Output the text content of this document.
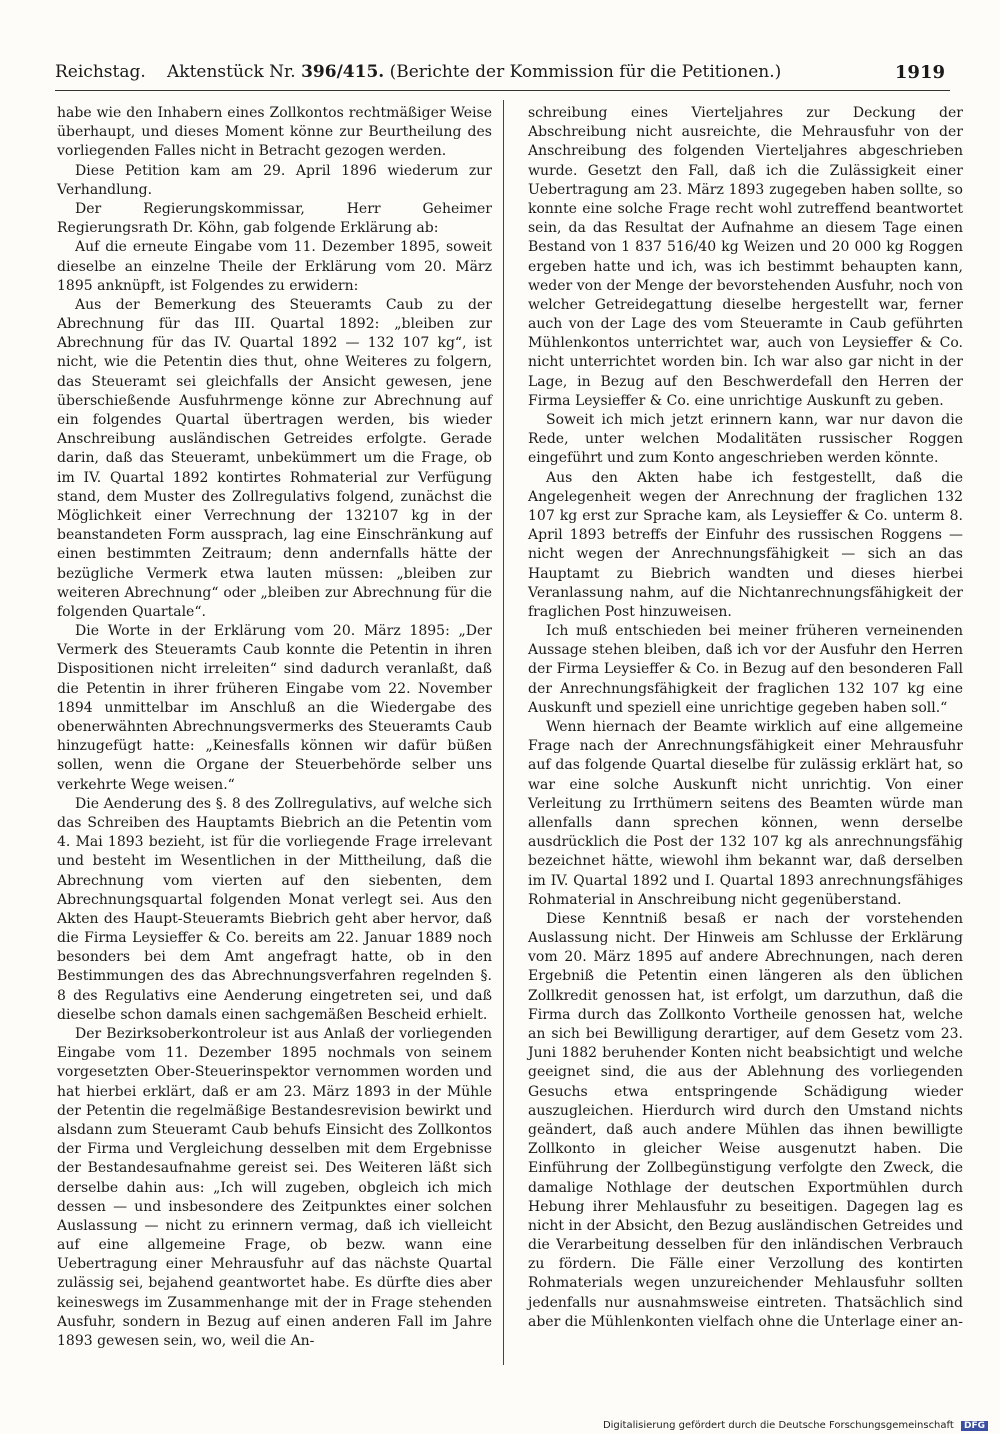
Reichstag. Aktenstück Nr. 396/415. (Berichte der Kommission für die Petitionen.)	1919

habe wie den Inhabern eines Zollkontos rechtmäßiger Weise überhaupt, und dieses Moment könne zur Beurtheilung des vorliegenden Falles nicht in Betracht gezogen werden.

Diese Petition kam am 29. April 1896 wiederum zur Verhandlung.

Der Regierungskommissar, Herr Geheimer Regierungsrath Dr. Köhn, gab folgende Erklärung ab:

Auf die erneute Eingabe vom 11. Dezember 1895, soweit dieselbe an einzelne Theile der Erklärung vom 20. März 1895 anknüpft, ist Folgendes zu erwidern:

Aus der Bemerkung des Steueramts Caub zu der Abrechnung für das III. Quartal 1892: „bleiben zur Abrechnung für das IV. Quartal 1892 — 132 107 kg“, ist nicht, wie die Petentin dies thut, ohne Weiteres zu folgern, das Steueramt sei gleichfalls der Ansicht gewesen, jene überschießende Ausfuhrmenge könne zur Abrechnung auf ein folgendes Quartal übertragen werden, bis wieder Anschreibung ausländischen Getreides erfolgte. Gerade darin, daß das Steueramt, unbekümmert um die Frage, ob im IV. Quartal 1892 kontirtes Rohmaterial zur Verfügung stand, dem Muster des Zollregulativs folgend, zunächst die Möglichkeit einer Verrechnung der 132107 kg in der beanstandeten Form aussprach, lag eine Einschränkung auf einen bestimmten Zeitraum; denn andernfalls hätte der bezügliche Vermerk etwa lauten müssen: „bleiben zur weiteren Abrechnung“ oder „bleiben zur Abrechnung für die folgenden Quartale“.

Die Worte in der Erklärung vom 20. März 1895: „Der Vermerk des Steueramts Caub konnte die Petentin in ihren Dispositionen nicht irreleiten“ sind dadurch veranlaßt, daß die Petentin in ihrer früheren Eingabe vom 22. November 1894 unmittelbar im Anschluß an die Wiedergabe des obenerwähnten Abrechnungsvermerks des Steueramts Caub hinzugefügt hatte: „Keinesfalls können wir dafür büßen sollen, wenn die Organe der Steuerbehörde selber uns verkehrte Wege weisen.“

Die Aenderung des §. 8 des Zollregulativs, auf welche sich das Schreiben des Hauptamts Biebrich an die Petentin vom 4. Mai 1893 bezieht, ist für die vorliegende Frage irrelevant und besteht im Wesentlichen in der Mittheilung, daß die Abrechnung vom vierten auf den siebenten, dem Abrechnungsquartal folgenden Monat verlegt sei. Aus den Akten des Haupt-Steueramts Biebrich geht aber hervor, daß die Firma Leysieffer & Co. bereits am 22. Januar 1889 noch besonders bei dem Amt angefragt hatte, ob in den Bestimmungen des das Abrechnungsverfahren regelnden §. 8 des Regulativs eine Aenderung eingetreten sei, und daß dieselbe schon damals einen sachgemäßen Bescheid erhielt.

Der Bezirksoberkontroleur ist aus Anlaß der vorliegenden Eingabe vom 11. Dezember 1895 nochmals von seinem vorgesetzten Ober-Steuerinspektor vernommen worden und hat hierbei erklärt, daß er am 23. März 1893 in der Mühle der Petentin die regelmäßige Bestandesrevision bewirkt und alsdann zum Steueramt Caub behufs Einsicht des Zollkontos der Firma und Vergleichung desselben mit dem Ergebnisse der Bestandesaufnahme gereist sei. Des Weiteren läßt sich derselbe dahin aus: „Ich will zugeben, obgleich ich mich dessen — und insbesondere des Zeitpunktes einer solchen Auslassung — nicht zu erinnern vermag, daß ich vielleicht auf eine allgemeine Frage, ob bezw. wann eine Uebertragung einer Mehrausfuhr auf das nächste Quartal zulässig sei, bejahend geantwortet habe. Es dürfte dies aber keineswegs im Zusammenhange mit der in Frage stehenden Ausfuhr, sondern in Bezug auf einen anderen Fall im Jahre 1893 gewesen sein, wo, weil die An-

schreibung eines Vierteljahres zur Deckung der Abschreibung nicht ausreichte, die Mehrausfuhr von der Anschreibung des folgenden Vierteljahres abgeschrieben wurde. Gesetzt den Fall, daß ich die Zulässigkeit einer Uebertragung am 23. März 1893 zugegeben haben sollte, so konnte eine solche Frage recht wohl zutreffend beantwortet sein, da das Resultat der Aufnahme an diesem Tage einen Bestand von 1 837 516/40 kg Weizen und 20 000 kg Roggen ergeben hatte und ich, was ich bestimmt behaupten kann, weder von der Menge der bevorstehenden Ausfuhr, noch von welcher Getreidegattung dieselbe hergestellt war, ferner auch von der Lage des vom Steueramte in Caub geführten Mühlenkontos unterrichtet war, auch von Leysieffer & Co. nicht unterrichtet worden bin. Ich war also gar nicht in der Lage, in Bezug auf den Beschwerdefall den Herren der Firma Leysieffer & Co. eine unrichtige Auskunft zu geben.

Soweit ich mich jetzt erinnern kann, war nur davon die Rede, unter welchen Modalitäten russischer Roggen eingeführt und zum Konto angeschrieben werden könnte.

Aus den Akten habe ich festgestellt, daß die Angelegenheit wegen der Anrechnung der fraglichen 132 107 kg erst zur Sprache kam, als Leysieffer & Co. unterm 8. April 1893 betreffs der Einfuhr des russischen Roggens — nicht wegen der Anrechnungsfähigkeit — sich an das Hauptamt zu Biebrich wandten und dieses hierbei Veranlassung nahm, auf die Nichtanrechnungsfähigkeit der fraglichen Post hinzuweisen.

Ich muß entschieden bei meiner früheren verneinenden Aussage stehen bleiben, daß ich vor der Ausfuhr den Herren der Firma Leysieffer & Co. in Bezug auf den besonderen Fall der Anrechnungsfähigkeit der fraglichen 132 107 kg eine Auskunft und speziell eine unrichtige gegeben haben soll.“

Wenn hiernach der Beamte wirklich auf eine allgemeine Frage nach der Anrechnungsfähigkeit einer Mehrausfuhr auf das folgende Quartal dieselbe für zulässig erklärt hat, so war eine solche Auskunft nicht unrichtig. Von einer Verleitung zu Irrthümern seitens des Beamten würde man allenfalls dann sprechen können, wenn derselbe ausdrücklich die Post der 132 107 kg als anrechnungsfähig bezeichnet hätte, wiewohl ihm bekannt war, daß derselben im IV. Quartal 1892 und I. Quartal 1893 anrechnungsfähiges Rohmaterial in Anschreibung nicht gegenüberstand.

Diese Kenntniß besaß er nach der vorstehenden Auslassung nicht. Der Hinweis am Schlusse der Erklärung vom 20. März 1895 auf andere Abrechnungen, nach deren Ergebniß die Petentin einen längeren als den üblichen Zollkredit genossen hat, ist erfolgt, um darzuthun, daß die Firma durch das Zollkonto Vortheile genossen hat, welche an sich bei Bewilligung derartiger, auf dem Gesetz vom 23. Juni 1882 beruhender Konten nicht beabsichtigt und welche geeignet sind, die aus der Ablehnung des vorliegenden Gesuchs etwa entspringende Schädigung wieder auszugleichen. Hierdurch wird durch den Umstand nichts geändert, daß auch andere Mühlen das ihnen bewilligte Zollkonto in gleicher Weise ausgenutzt haben. Die Einführung der Zollbegünstigung verfolgte den Zweck, die damalige Nothlage der deutschen Exportmühlen durch Hebung ihrer Mehlausfuhr zu beseitigen. Dagegen lag es nicht in der Absicht, den Bezug ausländischen Getreides und die Verarbeitung desselben für den inländischen Verbrauch zu fördern. Die Fälle einer Verzollung des kontirten Rohmaterials wegen unzureichender Mehlausfuhr sollten jedenfalls nur ausnahmsweise eintreten. Thatsächlich sind aber die Mühlenkonten vielfach ohne die Unterlage einer an-

Digitalisierung gefördert durch die Deutsche Forschungsgemeinschaft DFG
